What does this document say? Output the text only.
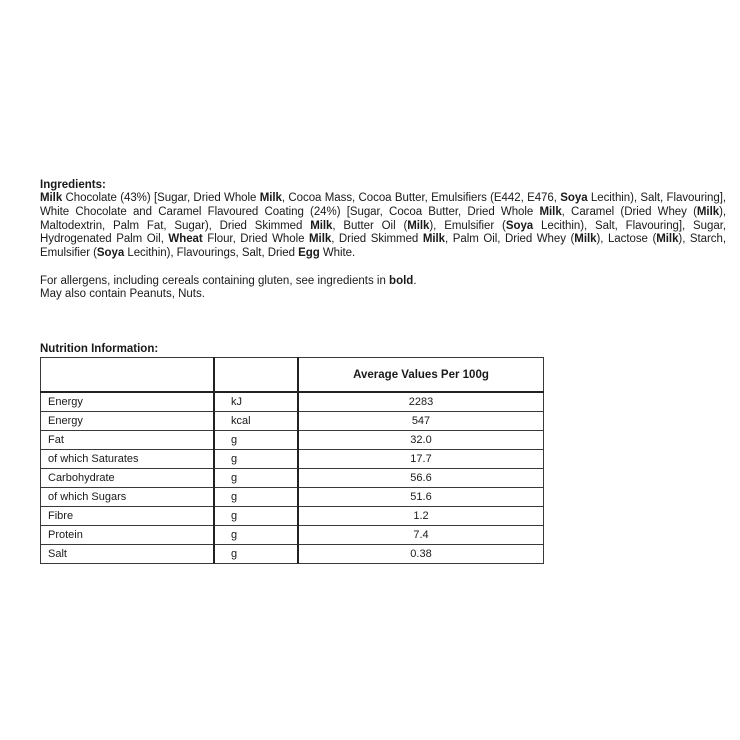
Ingredients:

Milk Chocolate (43%) [Sugar, Dried Whole Milk, Cocoa Mass, Cocoa Butter, Emulsifiers (E442, E476, Soya Lecithin), Salt, Flavouring], White Chocolate and Caramel Flavoured Coating (24%) [Sugar, Cocoa Butter, Dried Whole Milk, Caramel (Dried Whey (Milk), Maltodextrin, Palm Fat, Sugar), Dried Skimmed Milk, Butter Oil (Milk), Emulsifier (Soya Lecithin), Salt, Flavouring], Sugar, Hydrogenated Palm Oil, Wheat Flour, Dried Whole Milk, Dried Skimmed Milk, Palm Oil, Dried Whey (Milk), Lactose (Milk), Starch, Emulsifier (Soya Lecithin), Flavourings, Salt, Dried Egg White.

For allergens, including cereals containing gluten, see ingredients in bold.

May also contain Peanuts, Nuts.

Nutrition Information:
		Average Values Per 100g
Energy	kJ	2283
Energy	kcal	547
Fat	g	32.0
of which Saturates	g	17.7
Carbohydrate	g	56.6
of which Sugars	g	51.6
Fibre	g	1.2
Protein	g	7.4
Salt	g	0.38
